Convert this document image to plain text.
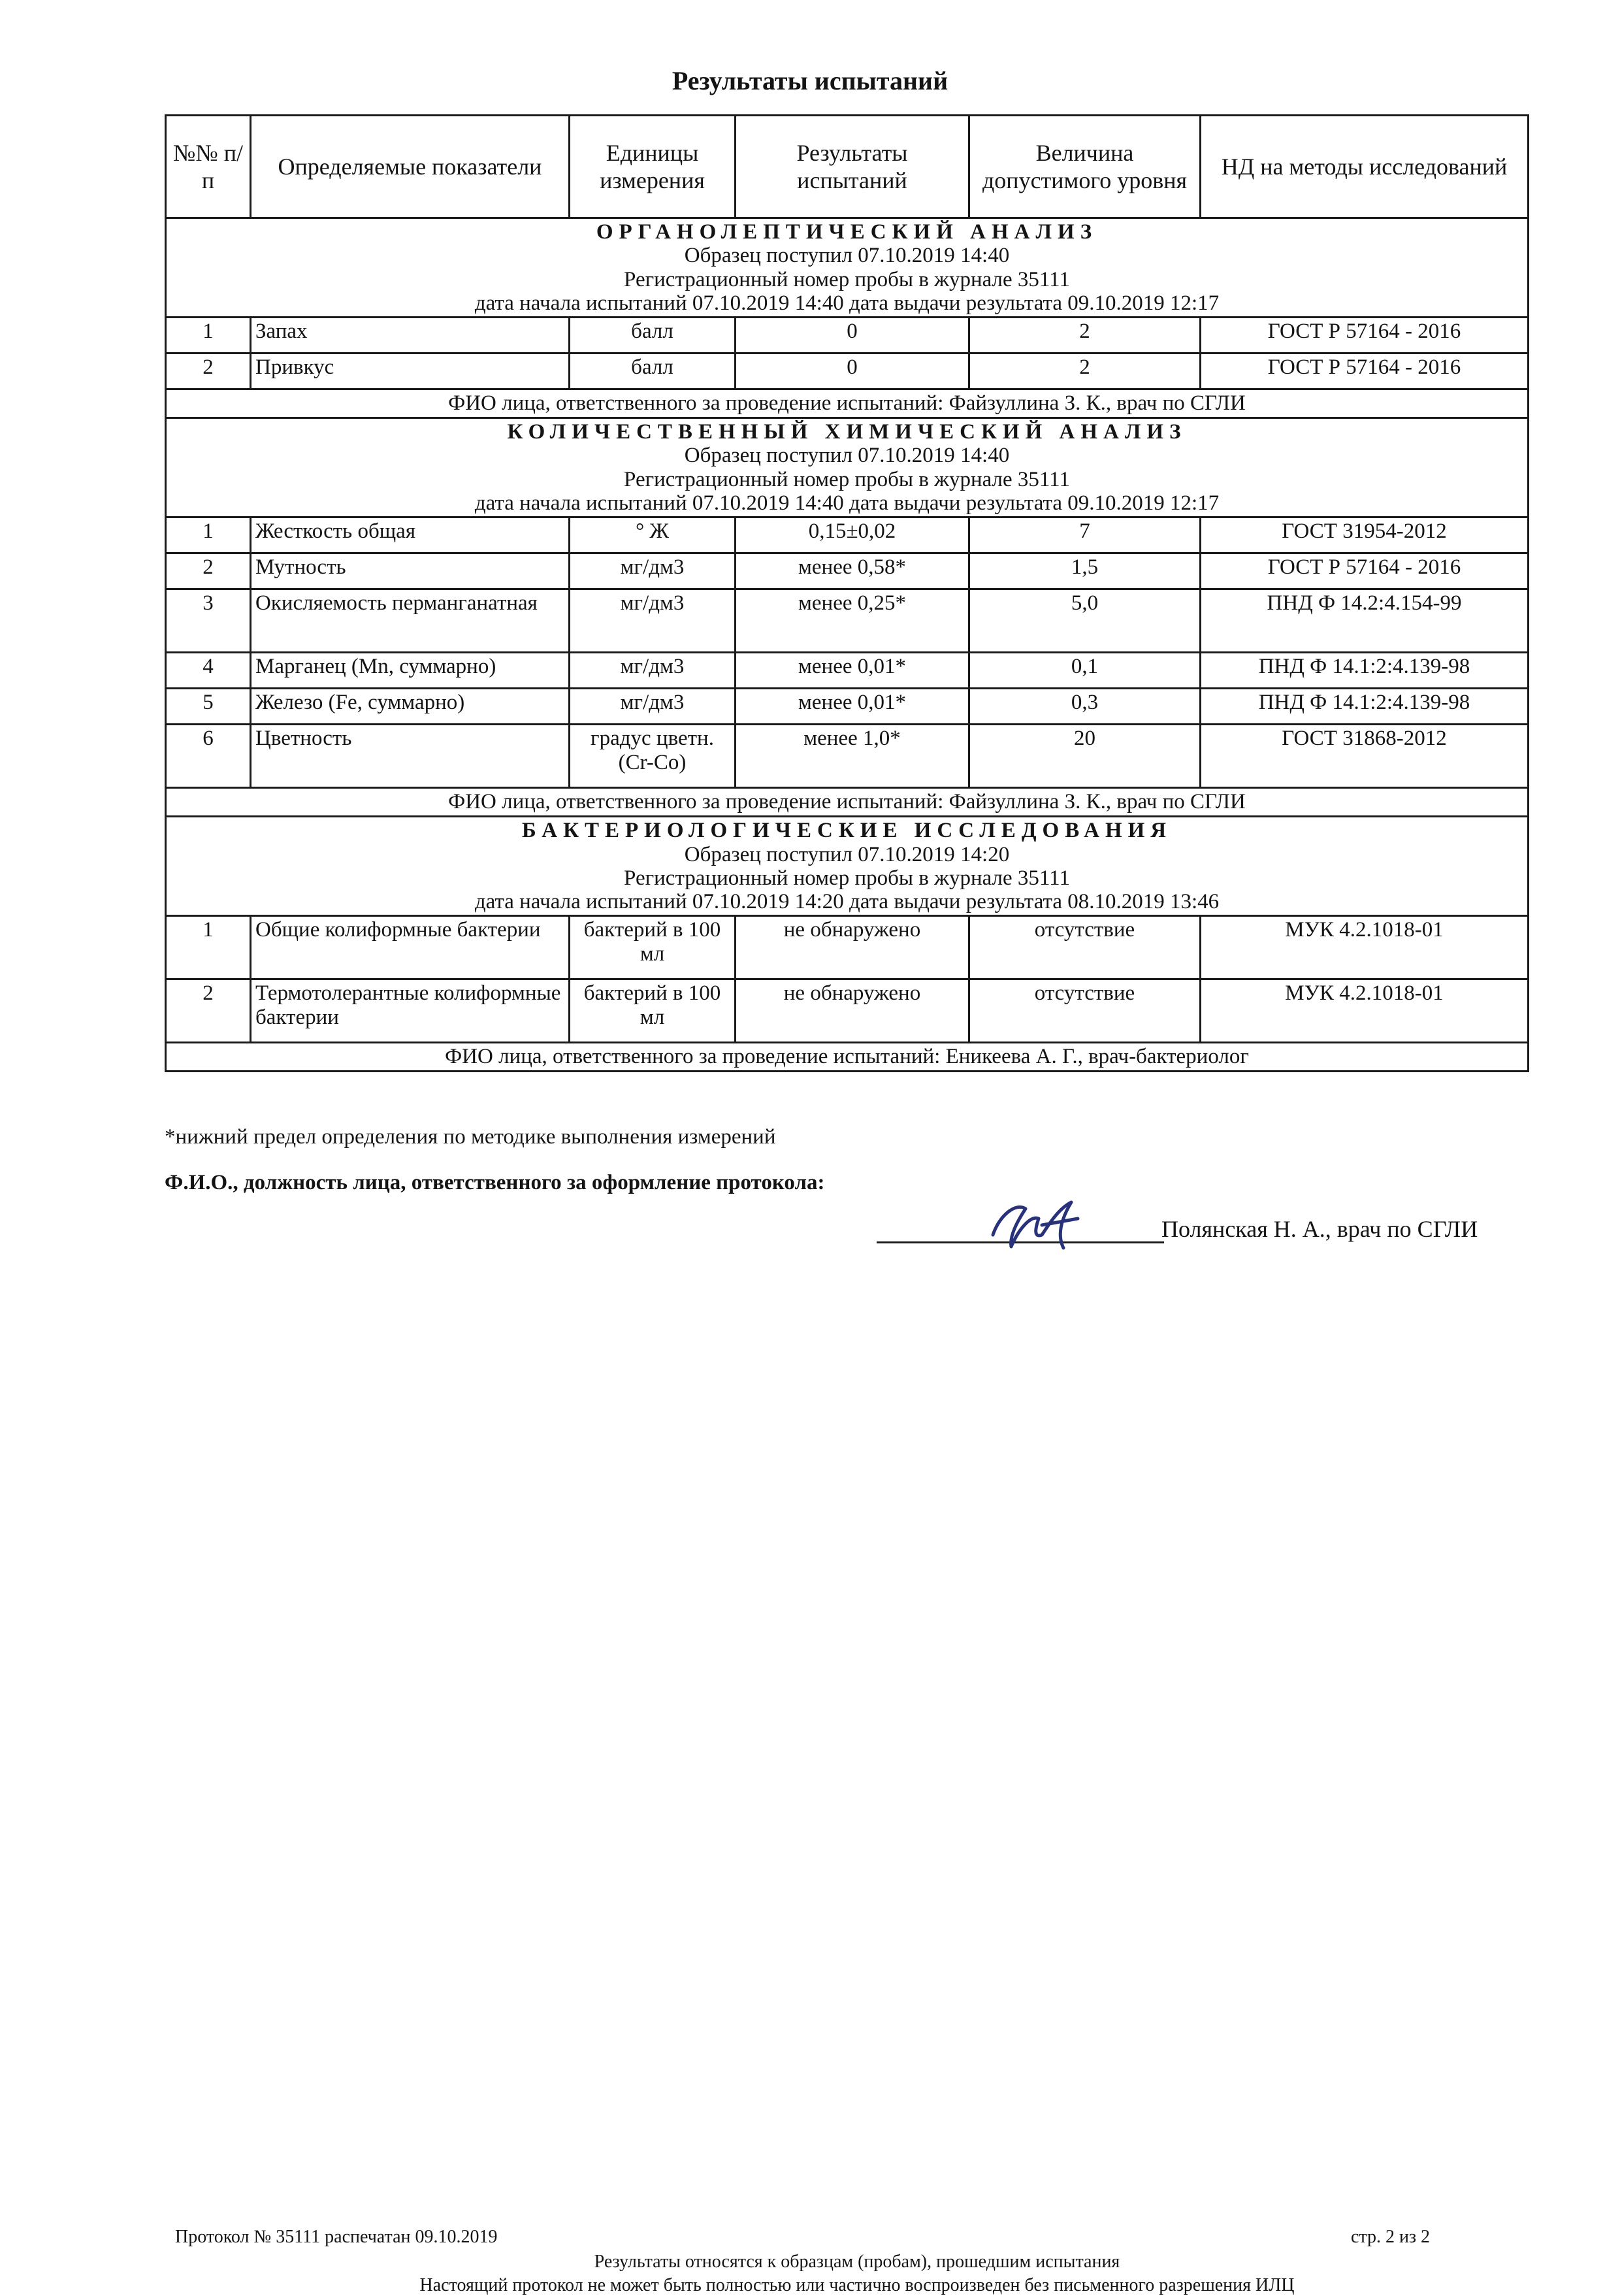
Результаты испытаний
№№ п/п	Определяемые показатели	Единицы измерения	Результаты испытаний	Величина допустимого уровня	НД на методы исследований

ОРГАНОЛЕПТИЧЕСКИЙ АНАЛИЗ
Образец поступил 07.10.2019 14:40
Регистрационный номер пробы в журнале 35111
дата начала испытаний 07.10.2019 14:40 дата выдачи результата 09.10.2019 12:17					

1	Запах	балл	0	2	ГОСТ Р 57164 - 2016
2	Привкус	балл	0	2	ГОСТ Р 57164 - 2016
ФИО лица, ответственного за проведение испытаний: Файзуллина З. К., врач по СГЛИ					

КОЛИЧЕСТВЕННЫЙ ХИМИЧЕСКИЙ АНАЛИЗ
Образец поступил 07.10.2019 14:40
Регистрационный номер пробы в журнале 35111
дата начала испытаний 07.10.2019 14:40 дата выдачи результата 09.10.2019 12:17					

1	Жесткость общая	° Ж	0,15±0,02	7	ГОСТ 31954-2012
2	Мутность	мг/дм3	менее 0,58*	1,5	ГОСТ Р 57164 - 2016
3	Окисляемость перманганатная	мг/дм3	менее 0,25*	5,0	ПНД Ф 14.2:4.154-99
4	Марганец (Mn, суммарно)	мг/дм3	менее 0,01*	0,1	ПНД Ф 14.1:2:4.139-98
5	Железо (Fe, суммарно)	мг/дм3	менее 0,01*	0,3	ПНД Ф 14.1:2:4.139-98
6	Цветность	градус цветн.(Cr-Co)	менее 1,0*	20	ГОСТ 31868-2012
ФИО лица, ответственного за проведение испытаний: Файзуллина З. К., врач по СГЛИ					

БАКТЕРИОЛОГИЧЕСКИЕ ИССЛЕДОВАНИЯ
Образец поступил 07.10.2019 14:20
Регистрационный номер пробы в журнале 35111
дата начала испытаний 07.10.2019 14:20 дата выдачи результата 08.10.2019 13:46					

1	Общие колиформные бактерии	бактерий в 100 мл	не обнаружено	отсутствие	МУК 4.2.1018-01
2	Термотолерантные колиформные бактерии	бактерий в 100 мл	не обнаружено	отсутствие	МУК 4.2.1018-01
ФИО лица, ответственного за проведение испытаний: Еникеева А. Г., врач-бактериолог					
*нижний предел определения по методике выполнения измерений
Ф.И.О., должность лица, ответственного за оформление протокола:
Полянская Н. А., врач по СГЛИ
Протокол № 35111 распечатан 09.10.2019	стр. 2 из 2
Результаты относятся к образцам (пробам), прошедшим испытания
Настоящий протокол не может быть полностью или частично воспроизведен без письменного разрешения ИЛЦ
